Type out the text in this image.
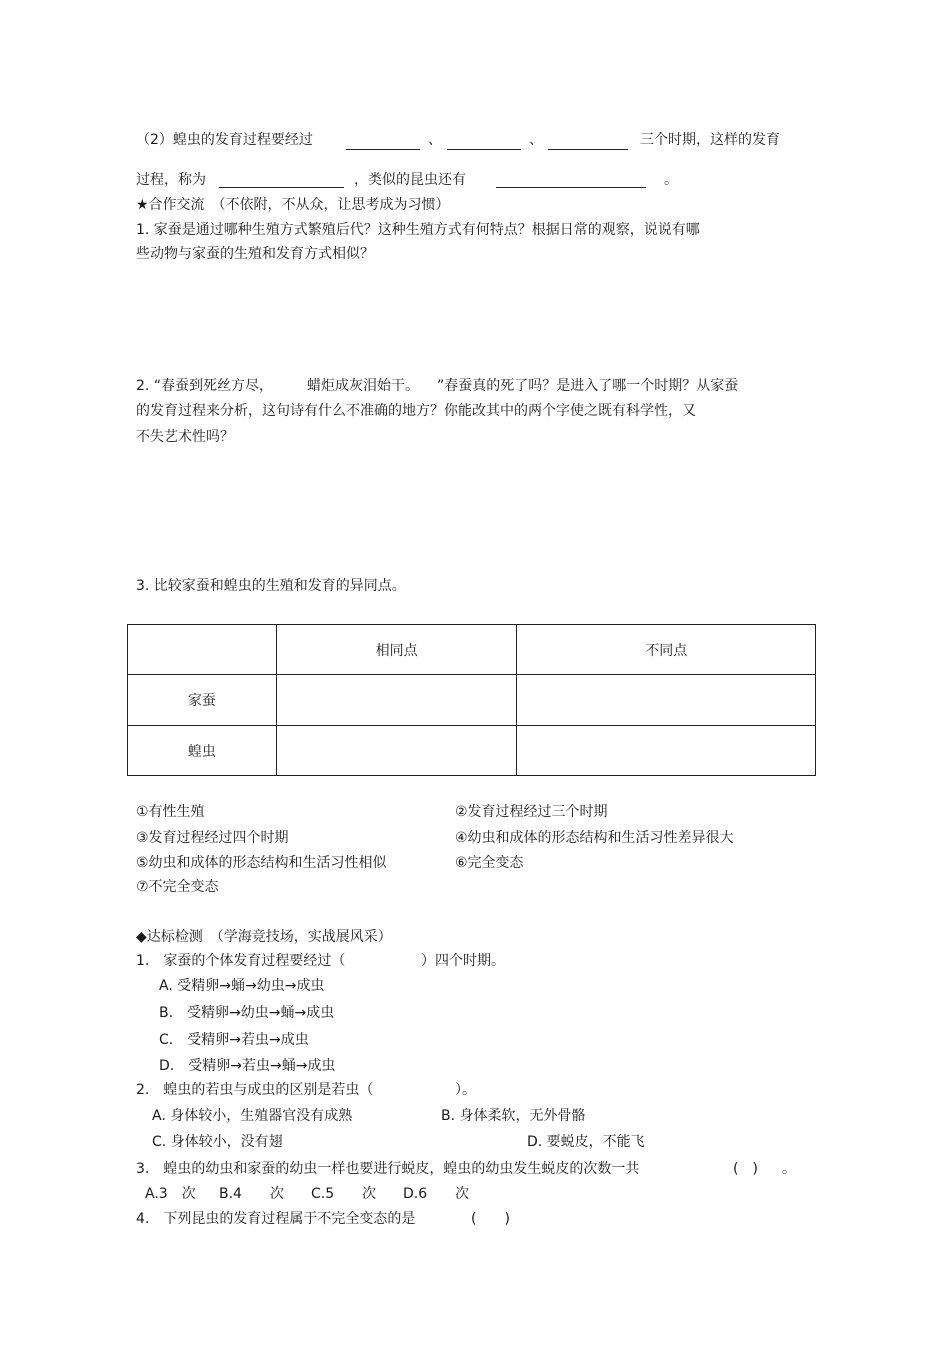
（2）蝗虫的发育过程要经过	、	、	三个时期，这样的发育
过程，称为	，类似的昆虫还有	。
★合作交流　（不依附，不从众，让思考成为习惯）
1. 家蚕是通过哪种生殖方式繁殖后代？这种生殖方式有何特点？根据日常的观察，说说有哪
些动物与家蚕的生殖和发育方式相似？
2. “春蚕到死丝方尽， 蜡炬成灰泪始干。 ”春蚕真的死了吗？是进入了哪一个时期？从家蚕
的发育过程来分析，这句诗有什么不准确的地方？你能改其中的两个字使之既有科学性，又
不失艺术性吗？
3. 比较家蚕和蝗虫的生殖和发育的异同点。
	相同点	不同点
家蚕		
蝗虫		
①有性生殖	②发育过程经过三个时期
③发育过程经过四个时期	④幼虫和成体的形态结构和生活习性差异很大
⑤幼虫和成体的形态结构和生活习性相似	⑥完全变态
⑦不完全变态
◆达标检测　（学海竞技场，实战展风采）
1.　家蚕的个体发育过程要经过（	）四个时期。
A. 受精卵→蛹→幼虫→成虫
B.　受精卵→幼虫→蛹→成虫
C.　受精卵→若虫→成虫
D.　受精卵→若虫→蛹→成虫
2.　蝗虫的若虫与成虫的区别是若虫（	）。
A. 身体较小，生殖器官没有成熟	B. 身体柔软，无外骨骼
C. 身体较小，没有翅	D. 要蜕皮，不能飞
3.　蝗虫的幼虫和家蚕的幼虫一样也要进行蜕皮，蝗虫的幼虫发生蜕皮的次数一共	(　) 。
A.3　次 B.4　　次 C.5　　次 D.6　　次
4.　下列昆虫的发育过程属于不完全变态的是	(　　)
